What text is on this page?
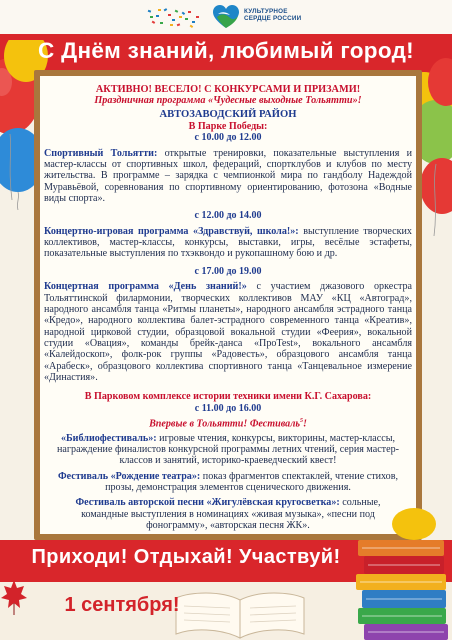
КУЛЬТУРНОЕ
СЕРДЦЕ РОССИИ
С Днём знаний, любимый город!

АКТИВНО! ВЕСЕЛО! С КОНКУРСАМИ И ПРИЗАМИ!

Праздничная программа «Чудесные выходные Тольятти»!

АВТОЗАВОДСКИЙ РАЙОН

В Парке Победы:

с 10.00 до 12.00

Спортивный Тольятти: открытые тренировки, показательные выступления и мастер-классы от спортивных школ, федераций, спортклубов и клубов по месту жительства. В программе – зарядка с чемпионкой мира по гандболу Надеждой Муравьёвой, соревнования по спортивному ориентированию, фотозона «Водные виды спорта».

с 12.00 до 14.00

Концертно-игровая программа «Здравствуй, школа!»: выступление творческих коллективов, мастер-классы, конкурсы, выставки, игры, весёлые эстафеты, показательные выступления по тхэквондо и рукопашному бою и др.

с 17.00 до 19.00

Концертная программа «День знаний!» с участием джазового оркестра Тольяттинской филармонии, творческих коллективов МАУ «КЦ «Автоград», народного ансамбля танца «Ритмы планеты», народного ансамбля эстрадного танца «Кредо», народного коллектива балет-эстрадного современного танца «Креатив», народной цирковой студии, образцовой вокальной студии «Феерия», вокальной студии «Овация», команды брейк-данса «ПроTest», вокального ансамбля «Калейдоскоп», фолк-рок группы «Радовесть», образцового ансамбля танца «Арабеск», образцового коллектива спортивного танца «Танцевальное измерение «Династия».

В Парковом комплексе истории техники имени К.Г. Сахарова:

с 11.00 до 16.00

Впервые в Тольятти! Фестиваль$^5$!

«Библиофестиваль»: игровые чтения, конкурсы, викторины, мастер-классы, награждение финалистов конкурсной программы летних чтений, серия мастер-классов и занятий, историко-краеведческий квест!

Фестиваль «Рождение театра»: показ фрагментов спектаклей, чтение стихов, прозы, демонстрация элементов сценического движения.

Фестиваль авторской песни «Жигулёвская кругосветка»: сольные, командные выступления в номинациях «живая музыка», «песни под фонограмму», «авторская песня ЖК».

Приходи! Отдыхай! Участвуй!
1 сентября!
